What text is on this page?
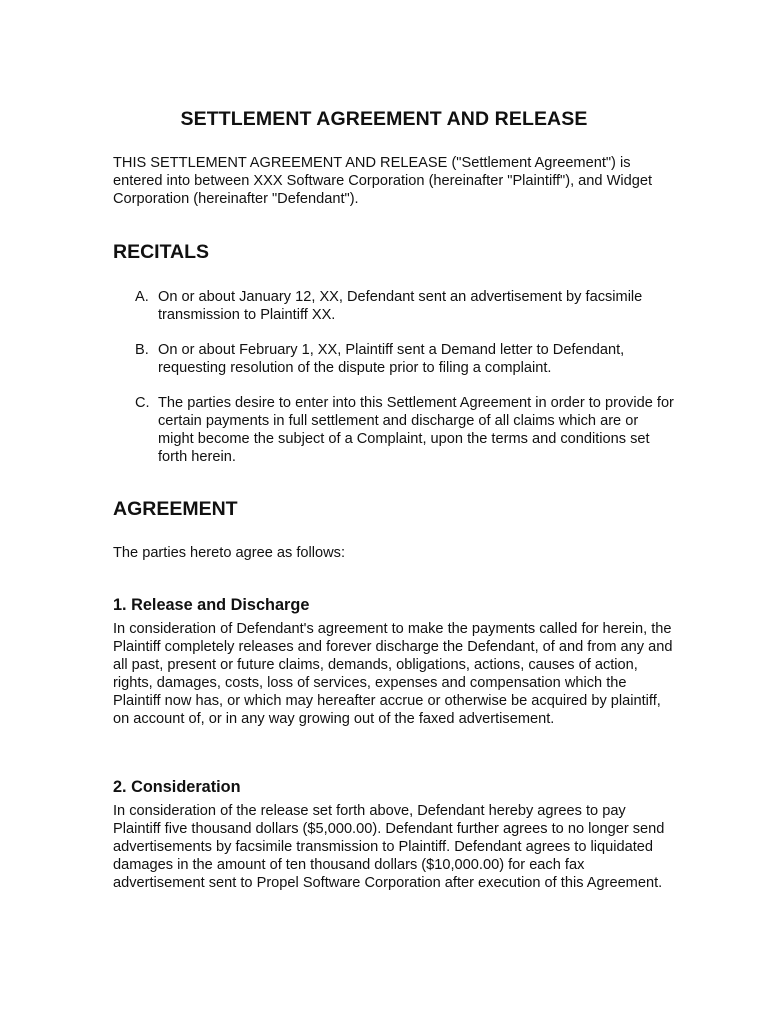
SETTLEMENT AGREEMENT AND RELEASE
THIS SETTLEMENT AGREEMENT AND RELEASE ("Settlement Agreement") is entered into between XXX Software Corporation (hereinafter "Plaintiff"), and Widget Corporation (hereinafter "Defendant").
RECITALS
A. On or about January 12, XX, Defendant sent an advertisement by facsimile transmission to Plaintiff XX.
B. On or about February 1, XX, Plaintiff sent a Demand letter to Defendant, requesting resolution of the dispute prior to filing a complaint.
C. The parties desire to enter into this Settlement Agreement in order to provide for certain payments in full settlement and discharge of all claims which are or might become the subject of a Complaint, upon the terms and conditions set forth herein.
AGREEMENT
The parties hereto agree as follows:
1. Release and Discharge
In consideration of Defendant's agreement to make the payments called for herein, the Plaintiff completely releases and forever discharge the Defendant, of and from any and all past, present or future claims, demands, obligations, actions, causes of action, rights, damages, costs, loss of services, expenses and compensation which the Plaintiff now has, or which may hereafter accrue or otherwise be acquired by plaintiff, on account of, or in any way growing out of the faxed advertisement.
2. Consideration
In consideration of the release set forth above, Defendant hereby agrees to pay Plaintiff five thousand dollars ($5,000.00). Defendant further agrees to no longer send advertisements by facsimile transmission to Plaintiff. Defendant agrees to liquidated damages in the amount of ten thousand dollars ($10,000.00) for each fax advertisement sent to Propel Software Corporation after execution of this Agreement.
